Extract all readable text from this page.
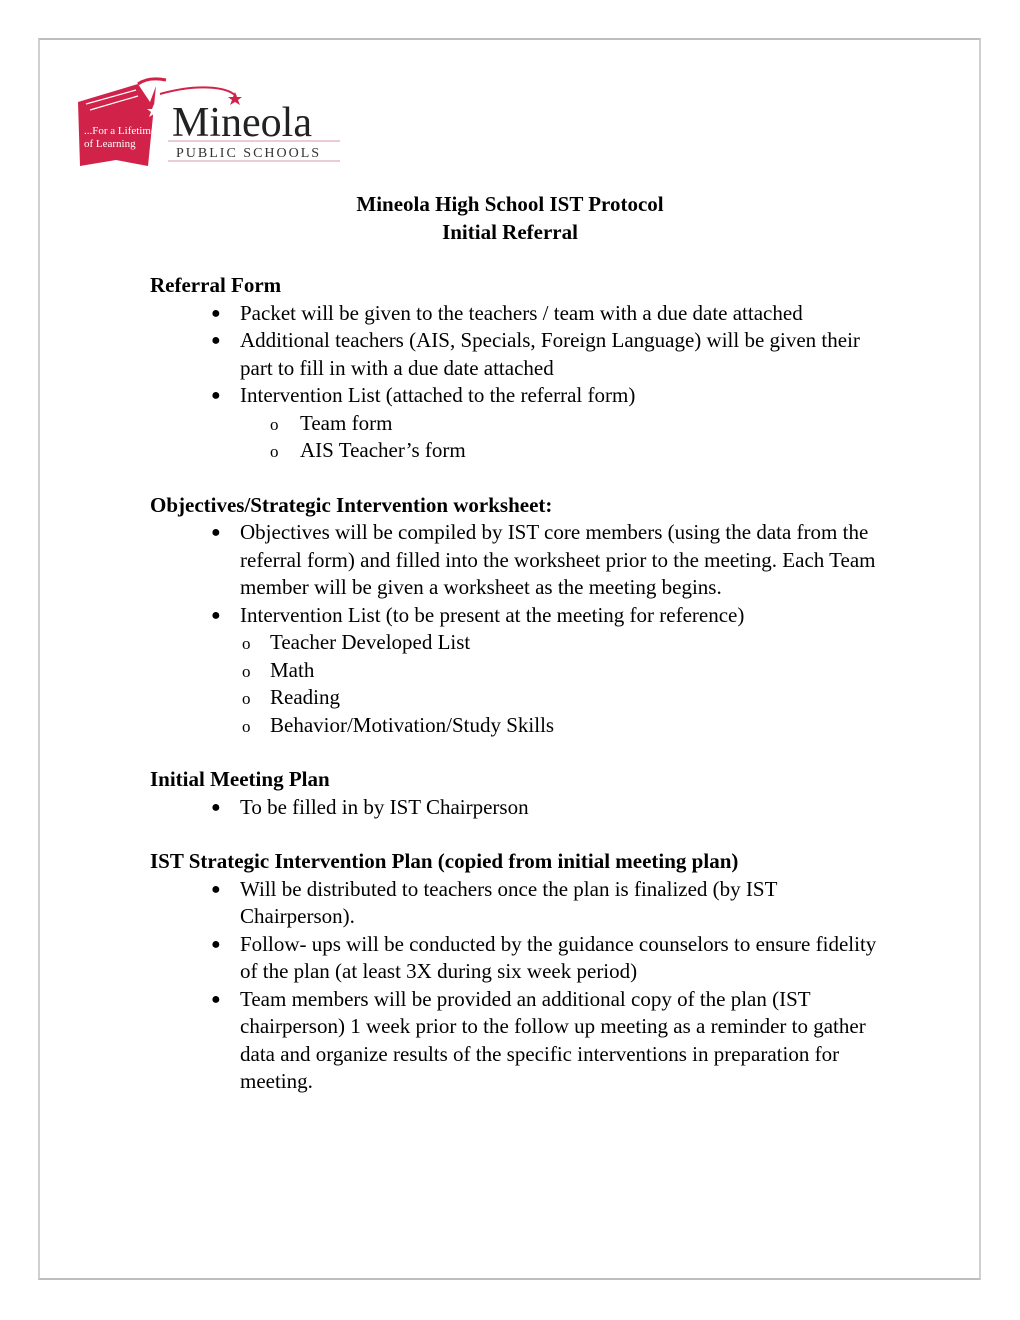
...For a Lifetime
of Learning Mineola
PUBLIC SCHOOLS
Mineola High School IST Protocol
Initial Referral
Referral Form
● Packet will be given to the teachers / team with a due date attached
● Additional teachers (AIS, Specials, Foreign Language) will be given their part to fill in with a due date attached
● Intervention List (attached to the referral form)
o Team form
o AIS Teacher’s form
Objectives/Strategic Intervention worksheet:
● Objectives will be compiled by IST core members (using the data from the referral form) and filled into the worksheet prior to the meeting. Each Team member will be given a worksheet as the meeting begins.
● Intervention List (to be present at the meeting for reference)
o Teacher Developed List
o Math
o Reading
o Behavior/Motivation/Study Skills
Initial Meeting Plan
● To be filled in by IST Chairperson
IST Strategic Intervention Plan (copied from initial meeting plan)
● Will be distributed to teachers once the plan is finalized (by IST Chairperson).
● Follow- ups will be conducted by the guidance counselors to ensure fidelity of the plan (at least 3X during six week period)
● Team members will be provided an additional copy of the plan (IST chairperson) 1 week prior to the follow up meeting as a reminder to gather data and organize results of the specific interventions in preparation for meeting.
